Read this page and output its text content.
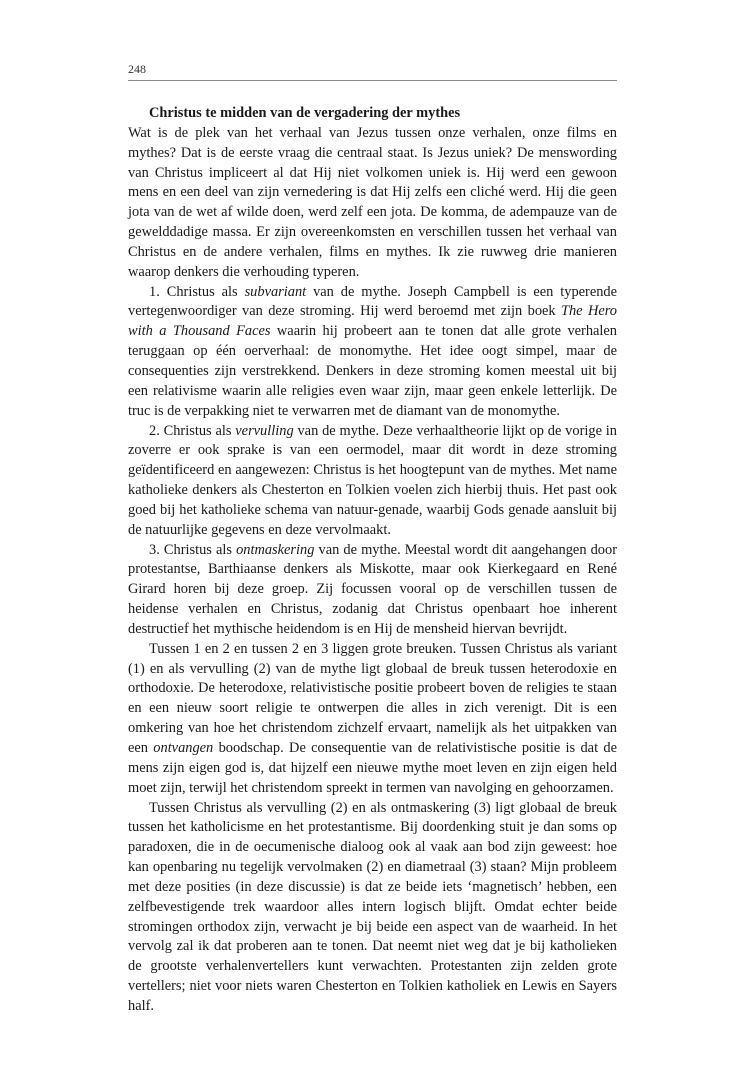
248
Christus te midden van de vergadering der mythes

Wat is de plek van het verhaal van Jezus tussen onze verhalen, onze films en mythes? Dat is de eerste vraag die centraal staat. Is Jezus uniek? De menswording van Christus impliceert al dat Hij niet volkomen uniek is. Hij werd een gewoon mens en een deel van zijn vernedering is dat Hij zelfs een cliché werd. Hij die geen jota van de wet af wilde doen, werd zelf een jota. De komma, de adempauze van de gewelddadige massa. Er zijn overeenkomsten en verschillen tussen het verhaal van Christus en de andere verhalen, films en mythes. Ik zie ruwweg drie manieren waarop denkers die verhouding typeren.

1. Christus als subvariant van de mythe. Joseph Campbell is een typerende vertegenwoordiger van deze stroming. Hij werd beroemd met zijn boek The Hero with a Thousand Faces waarin hij probeert aan te tonen dat alle grote verhalen teruggaan op één oerverhaal: de monomythe. Het idee oogt simpel, maar de consequenties zijn verstrekkend. Denkers in deze stroming komen meestal uit bij een relativisme waarin alle religies even waar zijn, maar geen enkele letterlijk. De truc is de verpakking niet te verwarren met de diamant van de monomythe.

2. Christus als vervulling van de mythe. Deze verhaaltheorie lijkt op de vorige in zoverre er ook sprake is van een oermodel, maar dit wordt in deze stroming geïdentificeerd en aangewezen: Christus is het hoogtepunt van de mythes. Met name katholieke denkers als Chesterton en Tolkien voelen zich hierbij thuis. Het past ook goed bij het katholieke schema van natuur-genade, waarbij Gods genade aansluit bij de natuurlijke gegevens en deze vervolmaakt.

3. Christus als ontmaskering van de mythe. Meestal wordt dit aangehangen door protestantse, Barthiaanse denkers als Miskotte, maar ook Kierkegaard en René Girard horen bij deze groep. Zij focussen vooral op de verschillen tussen de heidense verhalen en Christus, zodanig dat Christus openbaart hoe inherent destructief het mythische heidendom is en Hij de mensheid hiervan bevrijdt.

Tussen 1 en 2 en tussen 2 en 3 liggen grote breuken. Tussen Christus als variant (1) en als vervulling (2) van de mythe ligt globaal de breuk tussen heterodoxie en orthodoxie. De heterodoxe, relativistische positie probeert boven de religies te staan en een nieuw soort religie te ontwerpen die alles in zich verenigt. Dit is een omkering van hoe het christendom zichzelf ervaart, namelijk als het uitpakken van een ontvangen boodschap. De consequentie van de relativistische positie is dat de mens zijn eigen god is, dat hijzelf een nieuwe mythe moet leven en zijn eigen held moet zijn, terwijl het christendom spreekt in termen van navolging en gehoorzamen.

Tussen Christus als vervulling (2) en als ontmaskering (3) ligt globaal de breuk tussen het katholicisme en het protestantisme. Bij doordenking stuit je dan soms op paradoxen, die in de oecumenische dialoog ook al vaak aan bod zijn geweest: hoe kan openbaring nu tegelijk vervolmaken (2) en diametraal (3) staan? Mijn probleem met deze posities (in deze discussie) is dat ze beide iets ‘magnetisch’ hebben, een zelfbevestigende trek waardoor alles intern logisch blijft. Omdat echter beide stromingen orthodox zijn, verwacht je bij beide een aspect van de waarheid. In het vervolg zal ik dat proberen aan te tonen. Dat neemt niet weg dat je bij katholieken de grootste verhalenvertellers kunt verwachten. Protestanten zijn zelden grote vertellers; niet voor niets waren Chesterton en Tolkien katholiek en Lewis en Sayers half.
